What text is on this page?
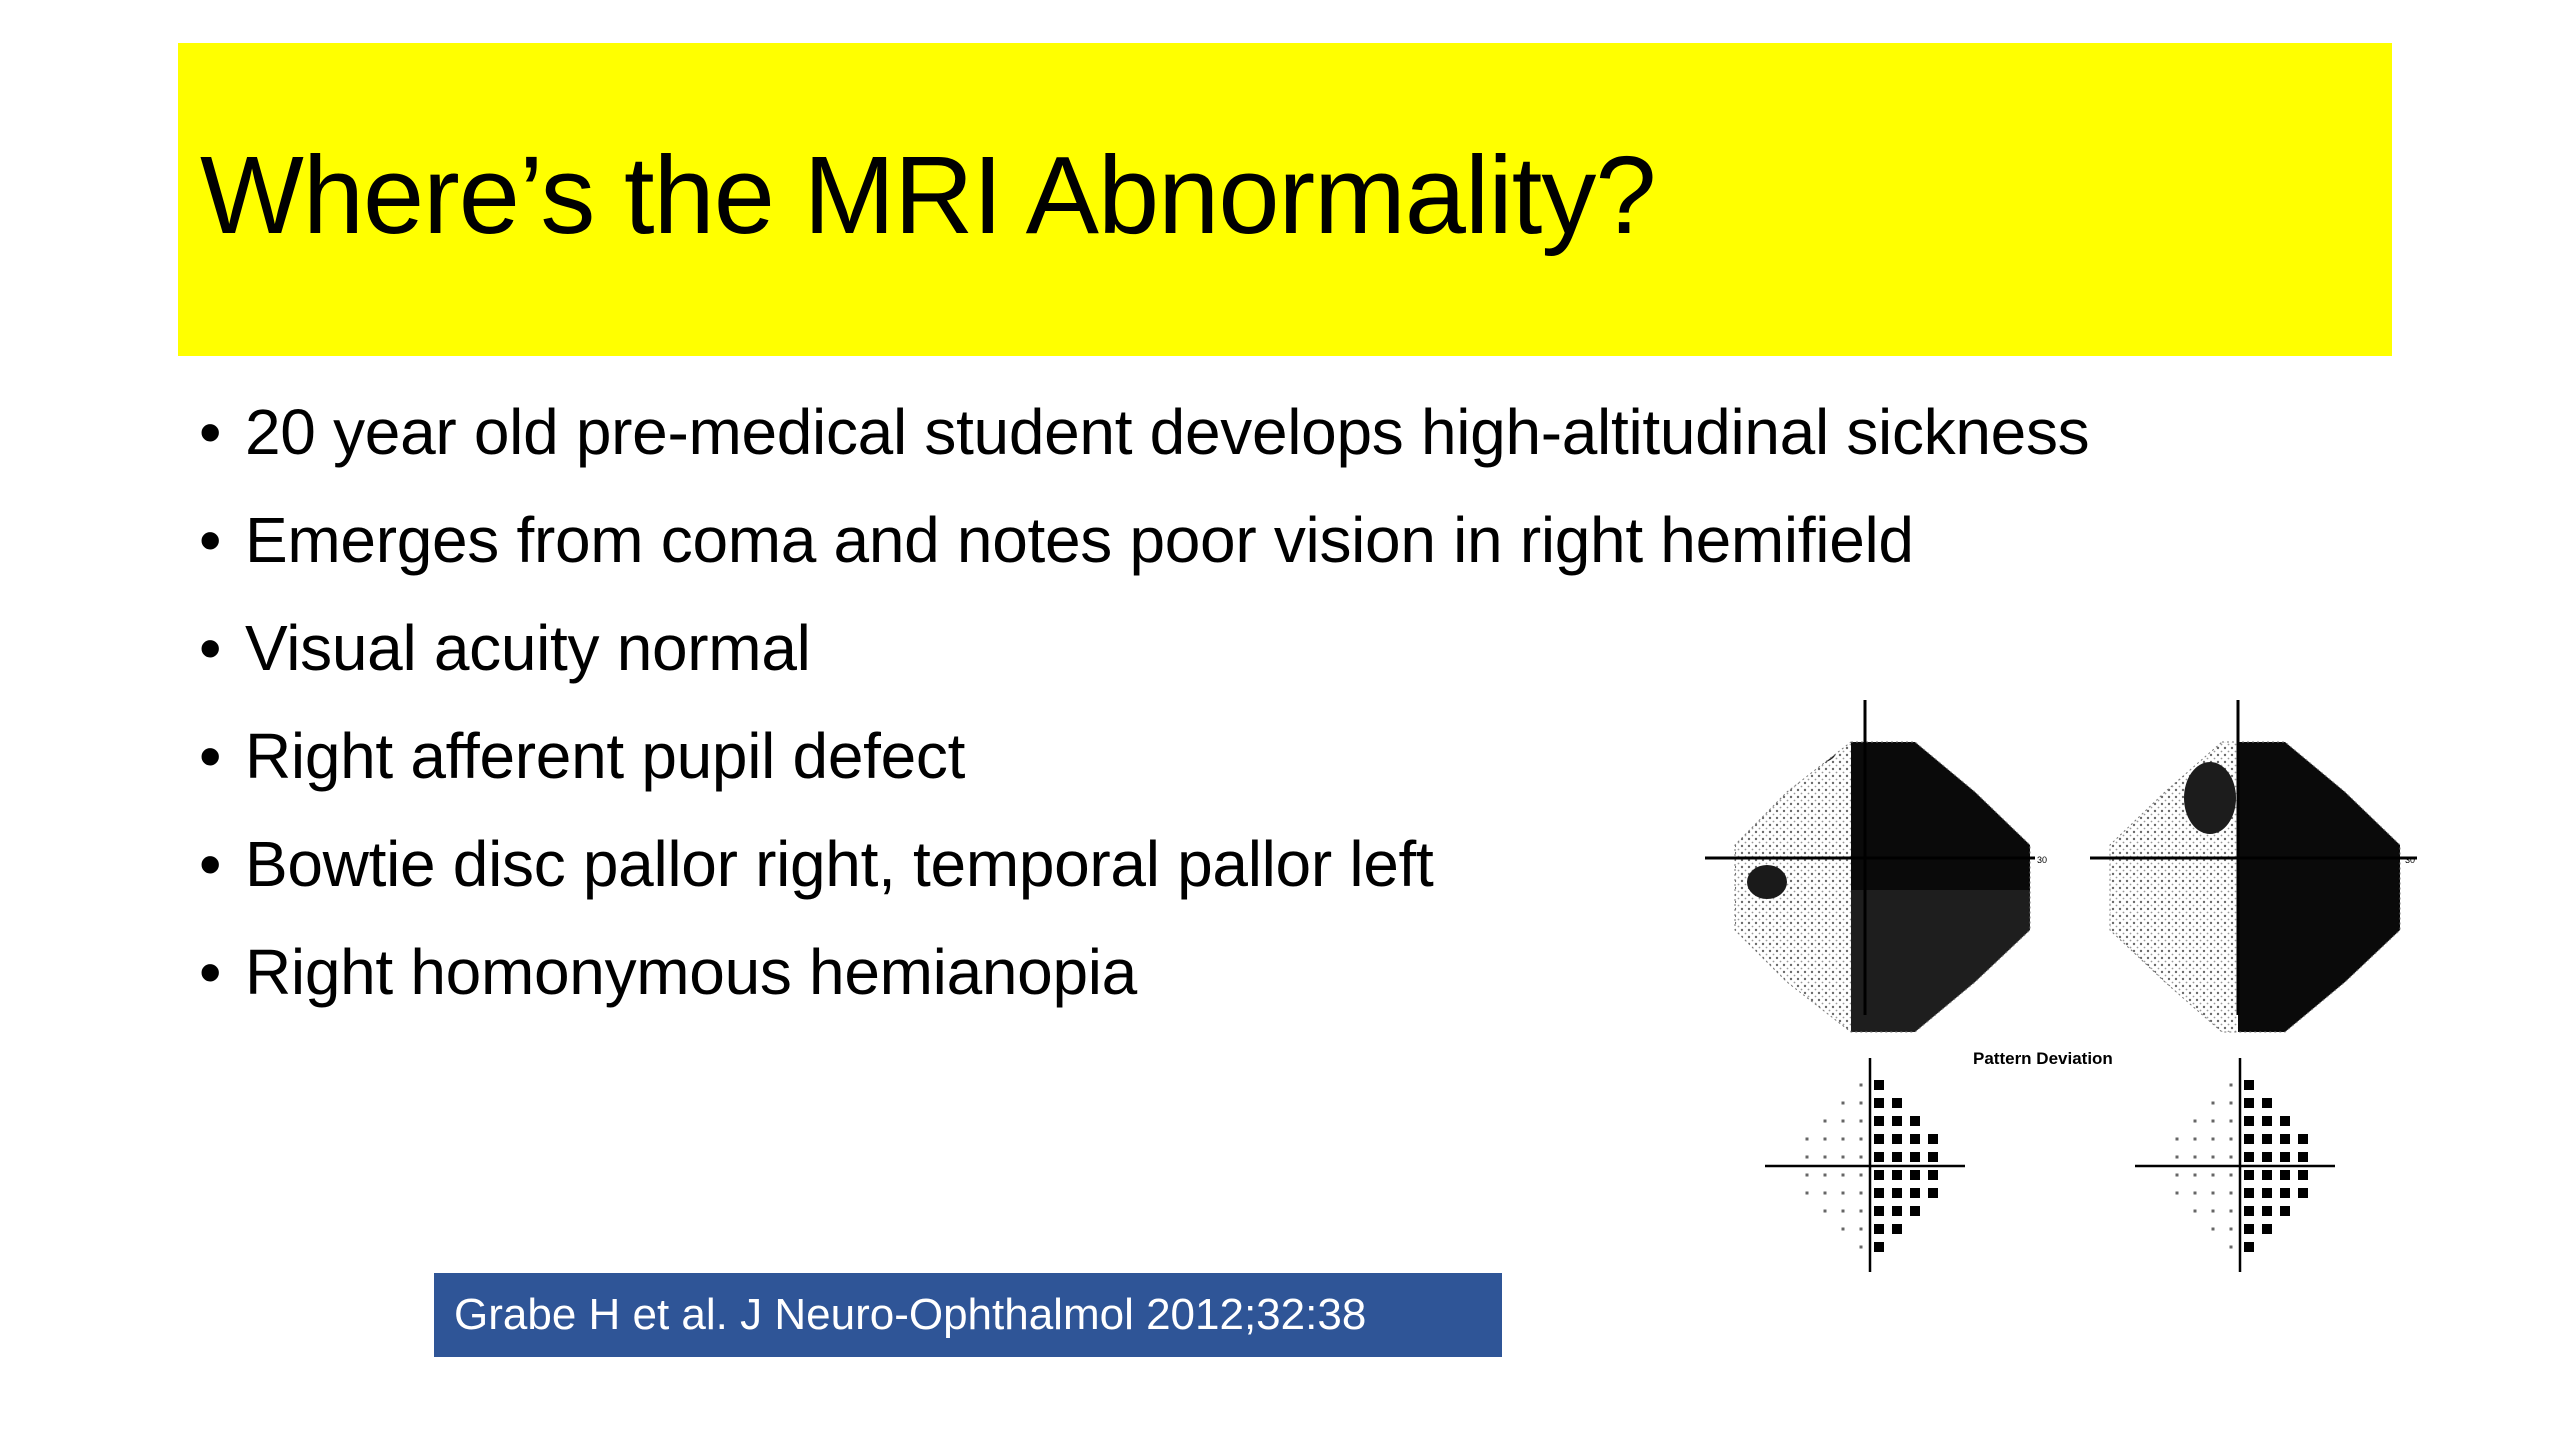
Where’s the MRI Abnormality?
• 20 year old pre-medical student develops high-altitudinal sickness
• Emerges from coma and notes poor vision in right hemifield
• Visual acuity normal
• Right afferent pupil defect
• Bowtie disc pallor right, temporal pallor left
• Right homonymous hemianopia
30	30
Pattern Deviation
Grabe H et al. J Neuro-Ophthalmol 2012;32:38
